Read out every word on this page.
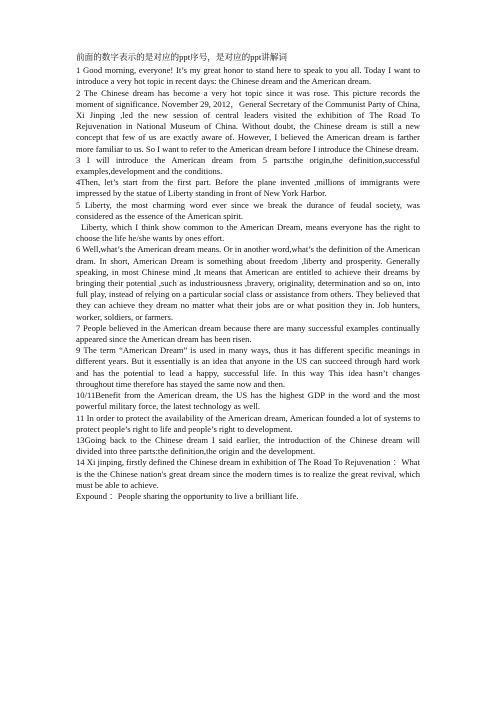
前面的数字表示的是对应的ppt序号，是对应的ppt讲解词

1 Good morning, everyone! It’s my great honor to stand here to speak to you all. Today I want to introduce a very hot topic in recent days: the Chinese dream and the American dream.

2 The Chinese dream has become a very hot topic since it was rose. This picture records the moment of significance. November 29, 2012，General Secretary of the Communist Party of China, Xi Jinping ,led the new session of central leaders visited the exhibition of The Road To Rejuvenation in National Museum of China. Without doubt, the Chinese dream is still a new concept that few of us are exactly aware of. However, I believed the American dream is farther more familiar to us. So I want to refer to the American dream before I introduce the Chinese dream.

3 I will introduce the American dream from 5 parts:the origin,the definition,successful examples,development and the conditions.

4Then, let’s start from the first part. Before the plane invented ,millions of immigrants were impressed by the statue of Liberty standing in front of New York Harbor.

5 Liberty, the most charming word ever since we break the durance of feudal society, was considered as the essence of the American spirit.

Liberty, which I think show common to the American Dream, means everyone has the right to choose the life he/she wants by ones effort.

6 Well,what’s the American dream means. Or in another word,what’s the definition of the American dram. In short, American Dream is something about freedom ,liberty and prosperity. Generally speaking, in most Chinese mind ,It means that American are entitled to achieve their dreams by bringing their potential ,such as industriousness ,bravery, originality, determination and so on, into full play, instead of relying on a particular social class or assistance from others. They believed that they can achieve they dream no matter what their jobs are or what position they in. Job hunters, worker, soldiers, or farmers.

7 People believed in the American dream because there are many successful examples continually appeared since the American dream has been risen.

9 The term “American Dream” is used in many ways, thus it has different specific meanings in different years. But it essentially is an idea that anyone in the US can succeed through hard work and has the potential to lead a happy, successful life. In this way This idea hasn’t changes throughout time therefore has stayed the same now and then.

10/11Benefit from the American dream, the US has the highest GDP in the word and the most powerful military force, the latest technology as well.

11 In order to protect the availability of the American dream, American founded a lot of systems to protect people’s right to life and people’s right to development.

13Going back to the Chinese dream I said earlier, the introduction of the Chinese dream will divided into three parts:the definition,the origin and the development.

14 Xi jinping, firstly defined the Chinese dream in exhibition of The Road To Rejuvenation ：What is the the Chinese nation's great dream since the modern times is to realize the great revival, which must be able to achieve.

Expound ：People sharing the opportunity to live a brilliant life.
